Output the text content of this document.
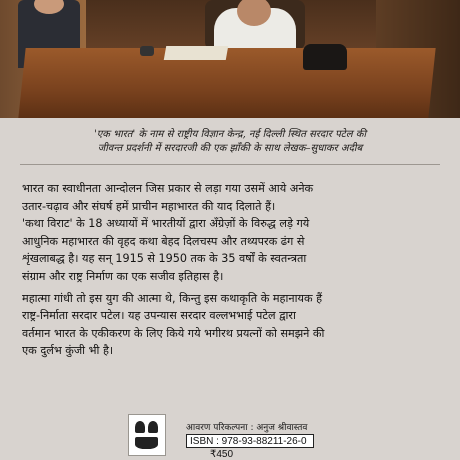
'एक भारत' के नाम से राष्ट्रीय विज्ञान केन्द्र, नई दिल्ली स्थित सरदार पटेल की
जीवन्त प्रदर्शनी में सरदारजी की एक झाँकी के साथ लेखक–सुधाकर अदीब
भारत का स्वाधीनता आन्दोलन जिस प्रकार से लड़ा गया उसमें आये अनेक
उतार-चढ़ाव और संघर्ष हमें प्राचीन महाभारत की याद दिलाते हैं।
'कथा विराट' के 18 अध्यायों में भारतीयों द्वारा अँग्रेज़ों के विरुद्ध लड़े गये
आधुनिक महाभारत की वृहद कथा बेहद दिलचस्प और तथ्यपरक ढंग से
शृंखलाबद्ध है। यह सन् 1915 से 1950 तक के 35 वर्षों के स्वतन्त्रता
संग्राम और राष्ट्र निर्माण का एक सजीव इतिहास है।
महात्मा गांधी तो इस युग की आत्मा थे, किन्तु इस कथाकृति के महानायक हैं
राष्ट्र-निर्माता सरदार पटेल। यह उपन्यास सरदार वल्लभभाई पटेल द्वारा
वर्तमान भारत के एकीकरण के लिए किये गये भगीरथ प्रयत्नों को समझने की
एक दुर्लभ कुंजी भी है।
आवरण परिकल्पना : अनुज श्रीवास्तव
ISBN : 978-93-88211-26-0
₹450
